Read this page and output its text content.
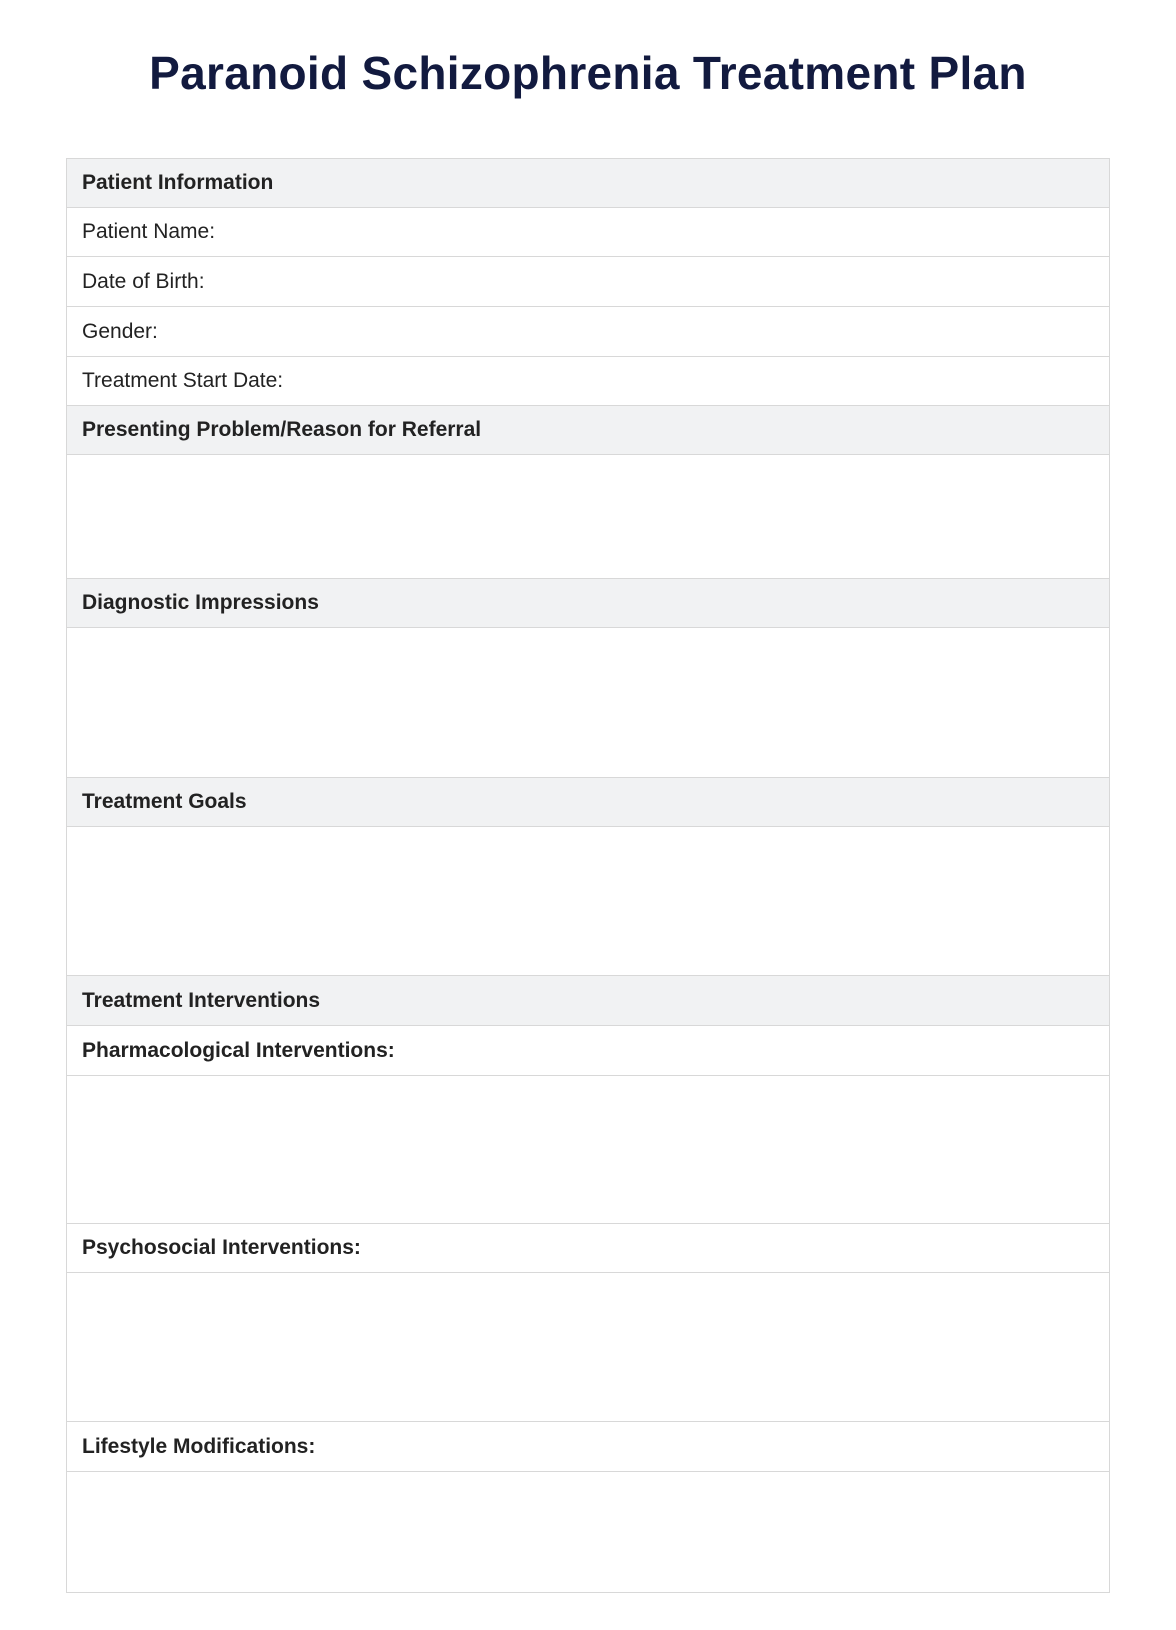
Paranoid Schizophrenia Treatment Plan
Patient Information
Patient Name:
Date of Birth:
Gender:
Treatment Start Date:
Presenting Problem/Reason for Referral
Diagnostic Impressions
Treatment Goals
Treatment Interventions
Pharmacological Interventions:
Psychosocial Interventions:
Lifestyle Modifications:
